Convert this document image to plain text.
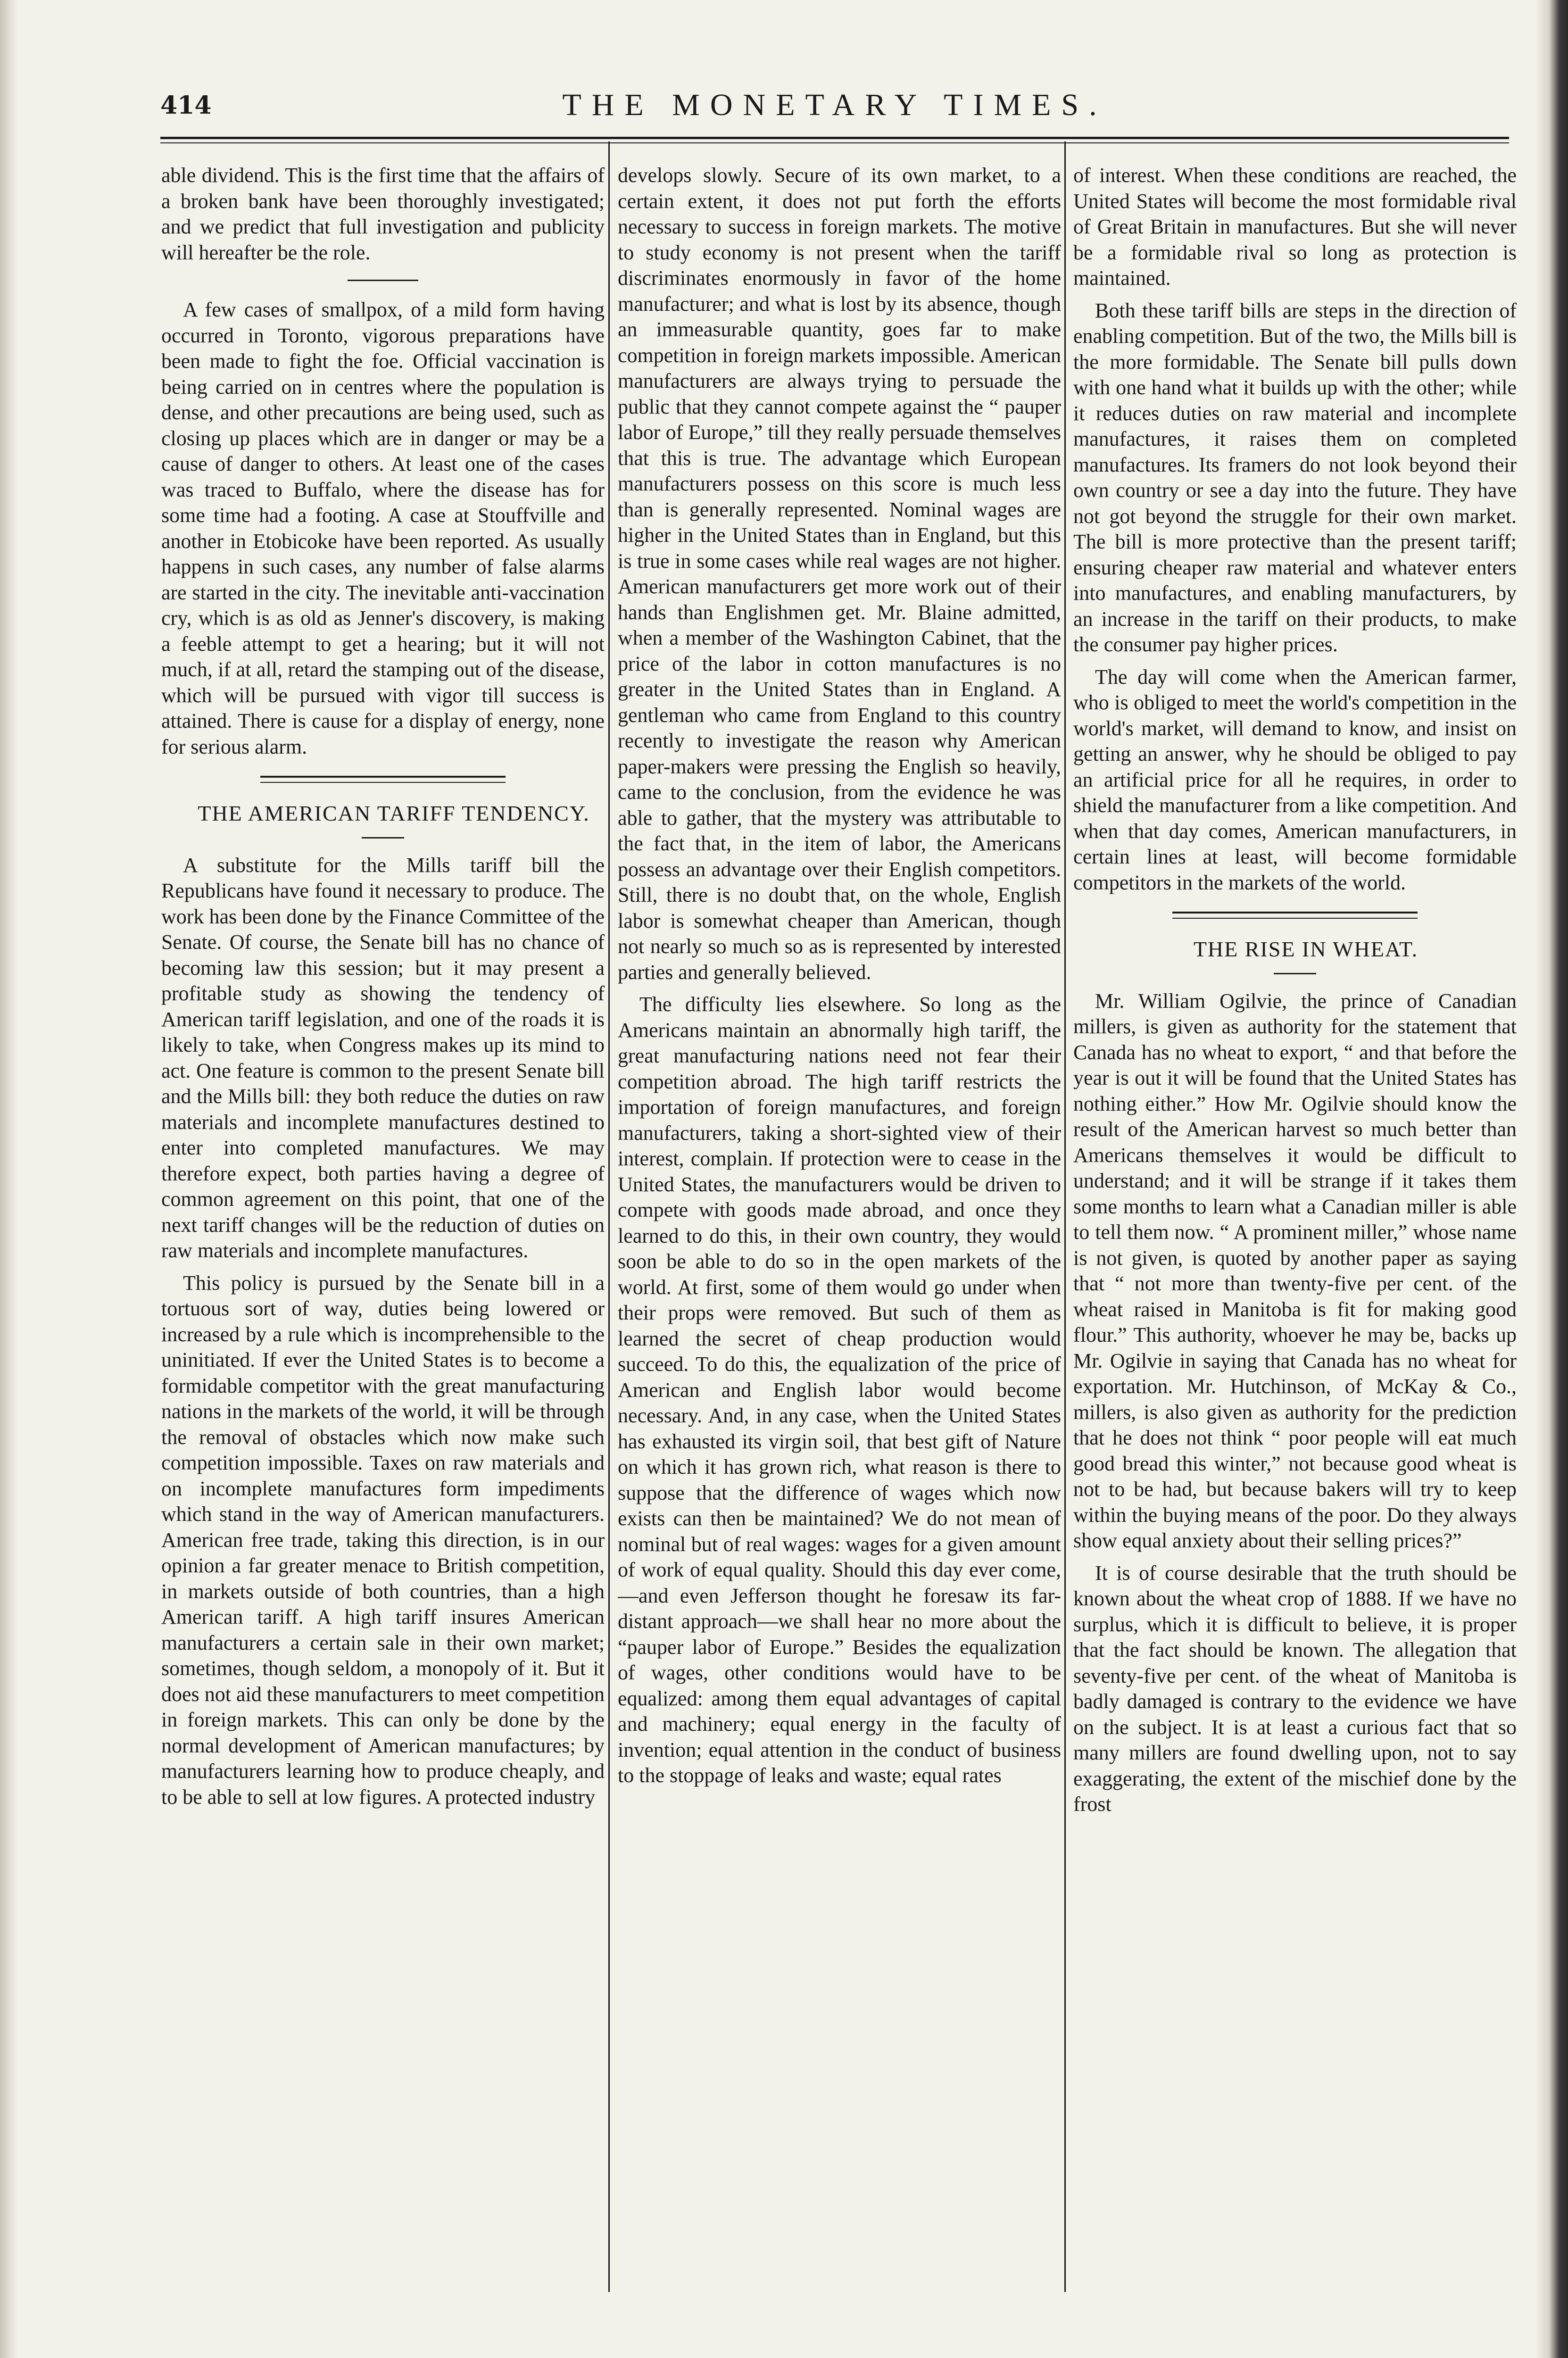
414	THE MONETARY TIMES.

able dividend. This is the first time that the affairs of a broken bank have been thoroughly investigated; and we predict that full investigation and publicity will hereafter be the role.

A few cases of smallpox, of a mild form having occurred in Toronto, vigorous preparations have been made to fight the foe. Official vaccination is being carried on in centres where the population is dense, and other precautions are being used, such as closing up places which are in danger or may be a cause of danger to others. At least one of the cases was traced to Buffalo, where the disease has for some time had a footing. A case at Stouffville and another in Etobicoke have been reported. As usually happens in such cases, any number of false alarms are started in the city. The inevitable anti-vaccination cry, which is as old as Jenner's discovery, is making a feeble attempt to get a hearing; but it will not much, if at all, retard the stamping out of the disease, which will be pursued with vigor till success is attained. There is cause for a display of energy, none for serious alarm.

THE AMERICAN TARIFF TENDENCY.

A substitute for the Mills tariff bill the Republicans have found it necessary to produce. The work has been done by the Finance Committee of the Senate. Of course, the Senate bill has no chance of becoming law this session; but it may present a profitable study as showing the tendency of American tariff legislation, and one of the roads it is likely to take, when Congress makes up its mind to act. One feature is common to the present Senate bill and the Mills bill: they both reduce the duties on raw materials and incomplete manufactures destined to enter into completed manufactures. We may therefore expect, both parties having a degree of common agreement on this point, that one of the next tariff changes will be the reduction of duties on raw materials and incomplete manufactures.

This policy is pursued by the Senate bill in a tortuous sort of way, duties being lowered or increased by a rule which is incomprehensible to the uninitiated. If ever the United States is to become a formidable competitor with the great manufacturing nations in the markets of the world, it will be through the removal of obstacles which now make such competition impossible. Taxes on raw materials and on incomplete manufactures form impediments which stand in the way of American manufacturers. American free trade, taking this direction, is in our opinion a far greater menace to British competition, in markets outside of both countries, than a high American tariff. A high tariff insures American manufacturers a certain sale in their own market; sometimes, though seldom, a monopoly of it. But it does not aid these manufacturers to meet competition in foreign markets. This can only be done by the normal development of American manufactures; by manufacturers learning how to produce cheaply, and to be able to sell at low figures. A protected industry

develops slowly. Secure of its own market, to a certain extent, it does not put forth the efforts necessary to success in foreign markets. The motive to study economy is not present when the tariff discriminates enormously in favor of the home manufacturer; and what is lost by its absence, though an immeasurable quantity, goes far to make competition in foreign markets impossible. American manufacturers are always trying to persuade the public that they cannot compete against the “ pauper labor of Europe,” till they really persuade themselves that this is true. The advantage which European manufacturers possess on this score is much less than is generally represented. Nominal wages are higher in the United States than in England, but this is true in some cases while real wages are not higher. American manufacturers get more work out of their hands than Englishmen get. Mr. Blaine admitted, when a member of the Washington Cabinet, that the price of the labor in cotton manufactures is no greater in the United States than in England. A gentleman who came from England to this country recently to investigate the reason why American paper-makers were pressing the English so heavily, came to the conclusion, from the evidence he was able to gather, that the mystery was attributable to the fact that, in the item of labor, the Americans possess an advantage over their English competitors. Still, there is no doubt that, on the whole, English labor is somewhat cheaper than American, though not nearly so much so as is represented by interested parties and generally believed.

The difficulty lies elsewhere. So long as the Americans maintain an abnormally high tariff, the great manufacturing nations need not fear their competition abroad. The high tariff restricts the importation of foreign manufactures, and foreign manufacturers, taking a short-sighted view of their interest, complain. If protection were to cease in the United States, the manufacturers would be driven to compete with goods made abroad, and once they learned to do this, in their own country, they would soon be able to do so in the open markets of the world. At first, some of them would go under when their props were removed. But such of them as learned the secret of cheap production would succeed. To do this, the equalization of the price of American and English labor would become necessary. And, in any case, when the United States has exhausted its virgin soil, that best gift of Nature on which it has grown rich, what reason is there to suppose that the difference of wages which now exists can then be maintained? We do not mean of nominal but of real wages: wages for a given amount of work of equal quality. Should this day ever come,—and even Jefferson thought he foresaw its far-distant approach—we shall hear no more about the “pauper labor of Europe.” Besides the equalization of wages, other conditions would have to be equalized: among them equal advantages of capital and machinery; equal energy in the faculty of invention; equal attention in the conduct of business to the stoppage of leaks and waste; equal rates

of interest. When these conditions are reached, the United States will become the most formidable rival of Great Britain in manufactures. But she will never be a formidable rival so long as protection is maintained.

Both these tariff bills are steps in the direction of enabling competition. But of the two, the Mills bill is the more formidable. The Senate bill pulls down with one hand what it builds up with the other; while it reduces duties on raw material and incomplete manufactures, it raises them on completed manufactures. Its framers do not look beyond their own country or see a day into the future. They have not got beyond the struggle for their own market. The bill is more protective than the present tariff; ensuring cheaper raw material and whatever enters into manufactures, and enabling manufacturers, by an increase in the tariff on their products, to make the consumer pay higher prices.

The day will come when the American farmer, who is obliged to meet the world's competition in the world's market, will demand to know, and insist on getting an answer, why he should be obliged to pay an artificial price for all he requires, in order to shield the manufacturer from a like competition. And when that day comes, American manufacturers, in certain lines at least, will become formidable competitors in the markets of the world.

THE RISE IN WHEAT.

Mr. William Ogilvie, the prince of Canadian millers, is given as authority for the statement that Canada has no wheat to export, “ and that before the year is out it will be found that the United States has nothing either.” How Mr. Ogilvie should know the result of the American harvest so much better than Americans themselves it would be difficult to understand; and it will be strange if it takes them some months to learn what a Canadian miller is able to tell them now. “ A prominent miller,” whose name is not given, is quoted by another paper as saying that “ not more than twenty-five per cent. of the wheat raised in Manitoba is fit for making good flour.” This authority, whoever he may be, backs up Mr. Ogilvie in saying that Canada has no wheat for exportation. Mr. Hutchinson, of McKay & Co., millers, is also given as authority for the prediction that he does not think “ poor people will eat much good bread this winter,” not because good wheat is not to be had, but because bakers will try to keep within the buying means of the poor. Do they always show equal anxiety about their selling prices?”

It is of course desirable that the truth should be known about the wheat crop of 1888. If we have no surplus, which it is difficult to believe, it is proper that the fact should be known. The allegation that seventy-five per cent. of the wheat of Manitoba is badly damaged is contrary to the evidence we have on the subject. It is at least a curious fact that so many millers are found dwelling upon, not to say exaggerating, the extent of the mischief done by the frost
